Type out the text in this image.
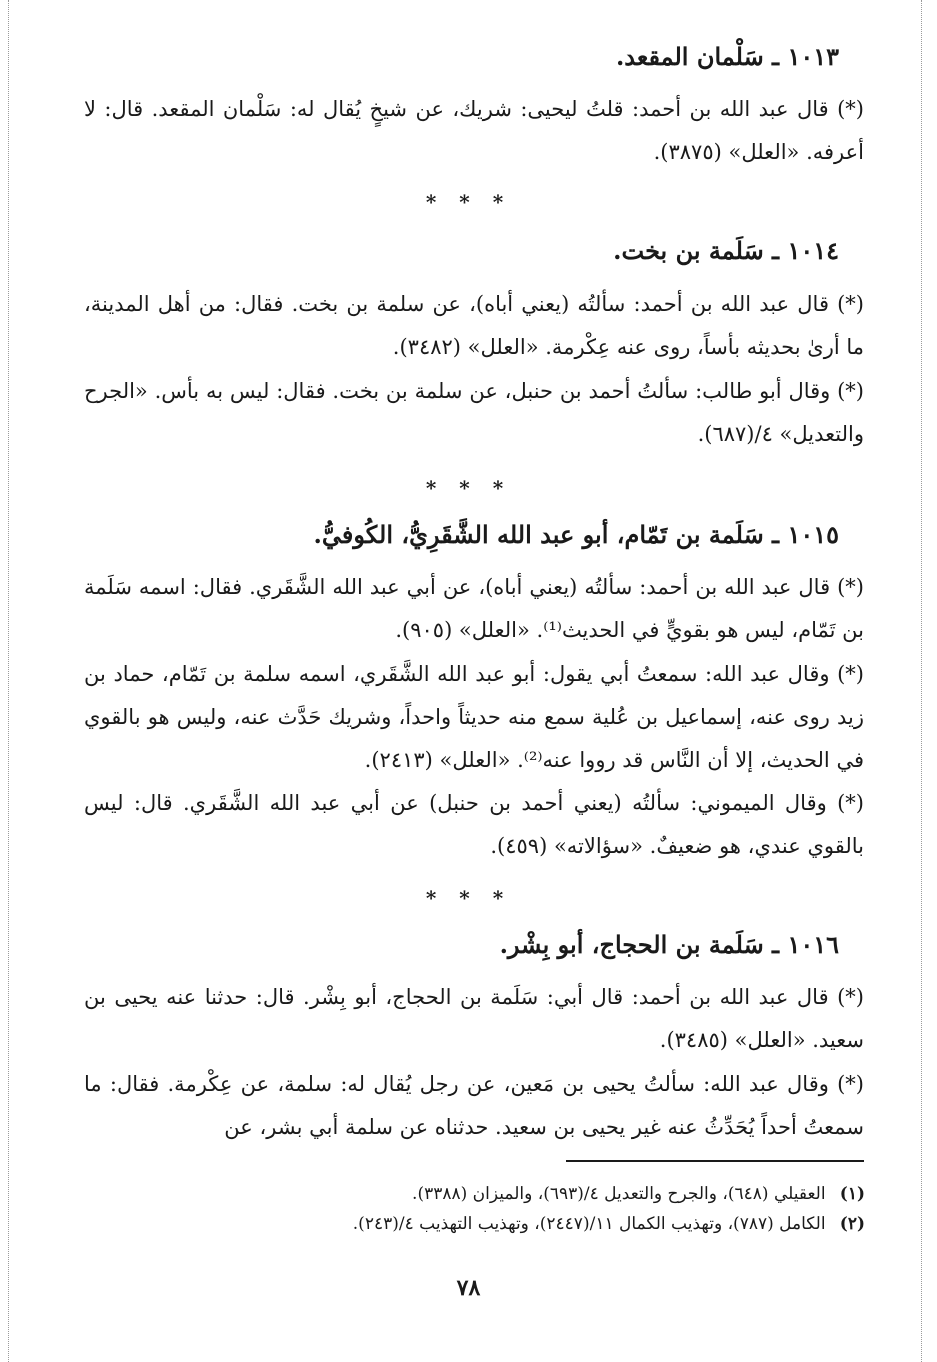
١٠١٣ ـ سَلْمان المقعد.

(*) قال عبد الله بن أحمد: قلتُ ليحيى: شريك، عن شيخٍ يُقال له: سَلْمان المقعد. قال: لا أعرفه. «العلل» (٣٨٧٥).

* * *
١٠١٤ ـ سَلَمة بن بخت.

(*) قال عبد الله بن أحمد: سألتُه (يعني أباه)، عن سلمة بن بخت. فقال: من أهل المدينة، ما أرىٰ بحديثه بأساً، روى عنه عِكْرمة. «العلل» (٣٤٨٢).

(*) وقال أبو طالب: سألتُ أحمد بن حنبل، عن سلمة بن بخت. فقال: ليس به بأس. «الجرح والتعديل» ٤/(٦٨٧).

* * *
١٠١٥ ـ سَلَمة بن تَمّام، أبو عبد الله الشَّقَرِيُّ، الكُوفيُّ.

(*) قال عبد الله بن أحمد: سألتُه (يعني أباه)، عن أبي عبد الله الشَّقَري. فقال: اسمه سَلَمة بن تَمّام، ليس هو بقويٍّ في الحديث⁽¹⁾. «العلل» (٩٠٥).

(*) وقال عبد الله: سمعتُ أبي يقول: أبو عبد الله الشَّقَري، اسمه سلمة بن تَمّام، حماد بن زيد روى عنه، إسماعيل بن عُلية سمع منه حديثاً واحداً، وشريك حَدَّث عنه، وليس هو بالقوي في الحديث، إلا أن النَّاس قد رووا عنه⁽²⁾. «العلل» (٢٤١٣).

(*) وقال الميموني: سألتُه (يعني أحمد بن حنبل) عن أبي عبد الله الشَّقَري. قال: ليس بالقوي عندي، هو ضعيفٌ. «سؤالاته» (٤٥٩).

* * *
١٠١٦ ـ سَلَمة بن الحجاج، أبو بِشْر.

(*) قال عبد الله بن أحمد: قال أبي: سَلَمة بن الحجاج، أبو بِشْر. قال: حدثنا عنه يحيى بن سعيد. «العلل» (٣٤٨٥).

(*) وقال عبد الله: سألتُ يحيى بن مَعين، عن رجل يُقال له: سلمة، عن عِكْرمة. فقال: ما سمعتُ أحداً يُحَدِّثُ عنه غير يحيى بن سعيد. حدثناه عن سلمة أبي بشر، عن

(١) العقيلي (٦٤٨)، والجرح والتعديل ٤/(٦٩٣)، والميزان (٣٣٨٨).
(٢) الكامل (٧٨٧)، وتهذيب الكمال ١١/(٢٤٤٧)، وتهذيب التهذيب ٤/(٢٤٣).
٧٨
